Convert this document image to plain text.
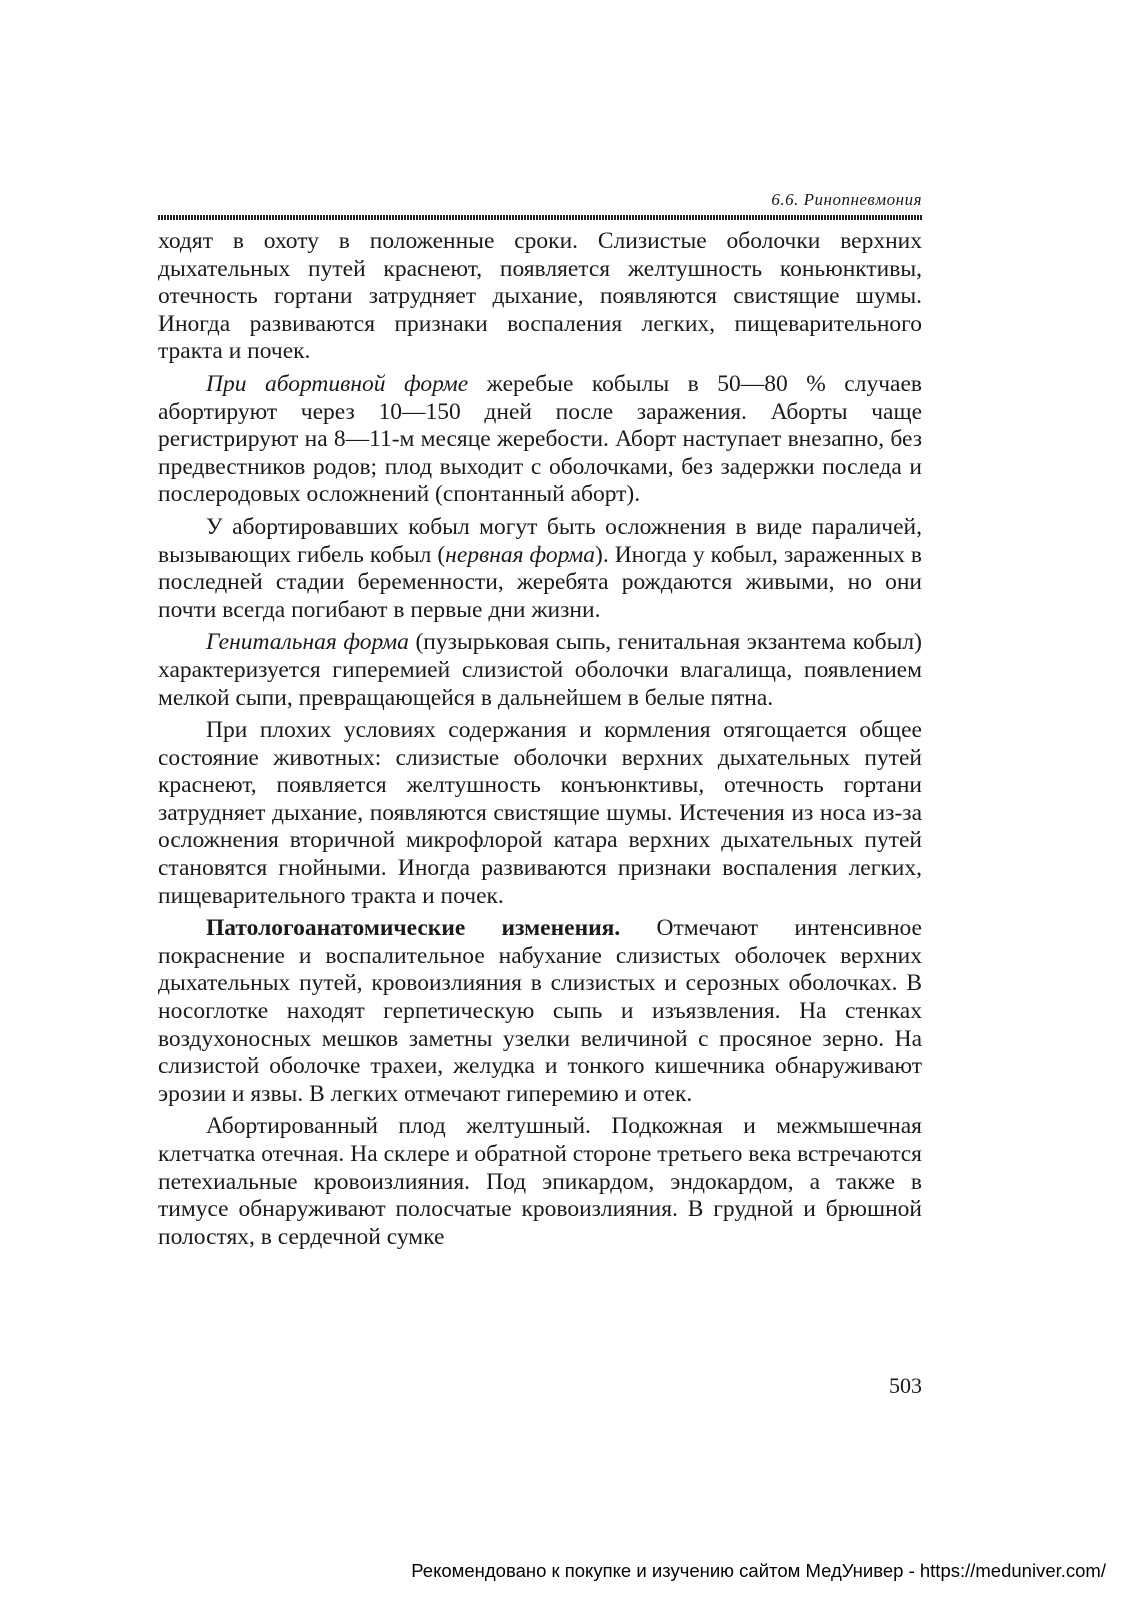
6.6. Ринопневмония

ходят в охоту в положенные сроки. Слизистые оболочки верхних дыхательных путей краснеют, появляется желтушность коньюнктивы, отечность гортани затрудняет дыхание, появляются свистящие шумы. Иногда развиваются признаки воспаления легких, пищеварительного тракта и почек.

При абортивной форме жеребые кобылы в 50—80 % случаев абортируют через 10—150 дней после заражения. Аборты чаще регистрируют на 8—11-м месяце жеребости. Аборт наступает внезапно, без предвестников родов; плод выходит с оболочками, без задержки последа и послеродовых осложнений (спонтанный аборт).

У абортировавших кобыл могут быть осложнения в виде параличей, вызывающих гибель кобыл (нервная форма). Иногда у кобыл, зараженных в последней стадии беременности, жеребята рождаются живыми, но они почти всегда погибают в первые дни жизни.

Генитальная форма (пузырьковая сыпь, генитальная экзантема кобыл) характеризуется гиперемией слизистой оболочки влагалища, появлением мелкой сыпи, превращающейся в дальнейшем в белые пятна.

При плохих условиях содержания и кормления отягощается общее состояние животных: слизистые оболочки верхних дыхательных путей краснеют, появляется желтушность конъюнктивы, отечность гортани затрудняет дыхание, появляются свистящие шумы. Истечения из носа из-за осложнения вторичной микрофлорой катара верхних дыхательных путей становятся гнойными. Иногда развиваются признаки воспаления легких, пищеварительного тракта и почек.

Патологоанатомические изменения. Отмечают интенсивное покраснение и воспалительное набухание слизистых оболочек верхних дыхательных путей, кровоизлияния в слизистых и серозных оболочках. В носоглотке находят герпетическую сыпь и изъязвления. На стенках воздухоносных мешков заметны узелки величиной с просяное зерно. На слизистой оболочке трахеи, желудка и тонкого кишечника обнаруживают эрозии и язвы. В легких отмечают гиперемию и отек.

Абортированный плод желтушный. Подкожная и межмышечная клетчатка отечная. На склере и обратной стороне третьего века встречаются петехиальные кровоизлияния. Под эпикардом, эндокардом, а также в тимусе обнаруживают полосчатые кровоизлияния. В грудной и брюшной полостях, в сердечной сумке

503
Рекомендовано к покупке и изучению сайтом МедУнивер - https://meduniver.com/
